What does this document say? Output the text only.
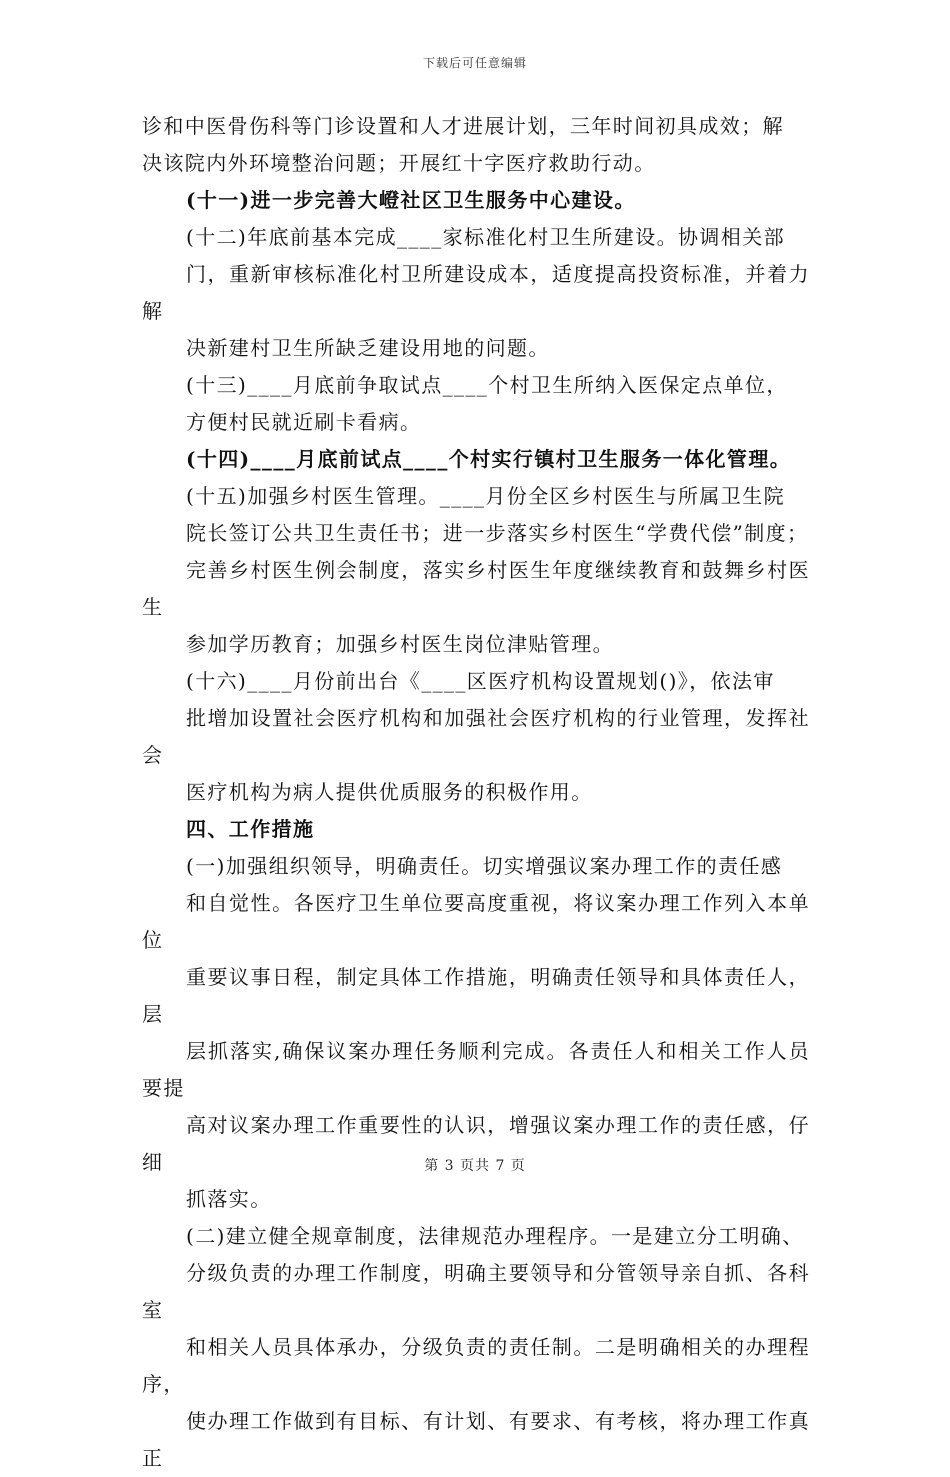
下载后可任意编辑

诊和中医骨伤科等门诊设置和人才进展计划，三年时间初具成效；解
决该院内外环境整治问题；开展红十字医疗救助行动。

(十一)进一步完善大嶝社区卫生服务中心建设。

(十二)年底前基本完成____家标准化村卫生所建设。协调相关部
门，重新审核标准化村卫所建设成本，适度提高投资标准，并着力解
决新建村卫生所缺乏建设用地的问题。

(十三)____月底前争取试点____个村卫生所纳入医保定点单位，
方便村民就近刷卡看病。

(十四)____月底前试点____个村实行镇村卫生服务一体化管理。

(十五)加强乡村医生管理。____月份全区乡村医生与所属卫生院
院长签订公共卫生责任书；进一步落实乡村医生“学费代偿”制度；
完善乡村医生例会制度，落实乡村医生年度继续教育和鼓舞乡村医生
参加学历教育；加强乡村医生岗位津贴管理。

(十六)____月份前出台《____区医疗机构设置规划()》，依法审
批增加设置社会医疗机构和加强社会医疗机构的行业管理，发挥社会
医疗机构为病人提供优质服务的积极作用。

四、工作措施

(一)加强组织领导，明确责任。切实增强议案办理工作的责任感
和自觉性。各医疗卫生单位要高度重视，将议案办理工作列入本单位
重要议事日程，制定具体工作措施，明确责任领导和具体责任人，层
层抓落实,确保议案办理任务顺利完成。各责任人和相关工作人员要提
高对议案办理工作重要性的认识，增强议案办理工作的责任感，仔细
抓落实。

(二)建立健全规章制度，法律规范办理程序。一是建立分工明确、
分级负责的办理工作制度，明确主要领导和分管领导亲自抓、各科室
和相关人员具体承办，分级负责的责任制。二是明确相关的办理程序，
使办理工作做到有目标、有计划、有要求、有考核，将办理工作真正

第 3 页共 7 页
